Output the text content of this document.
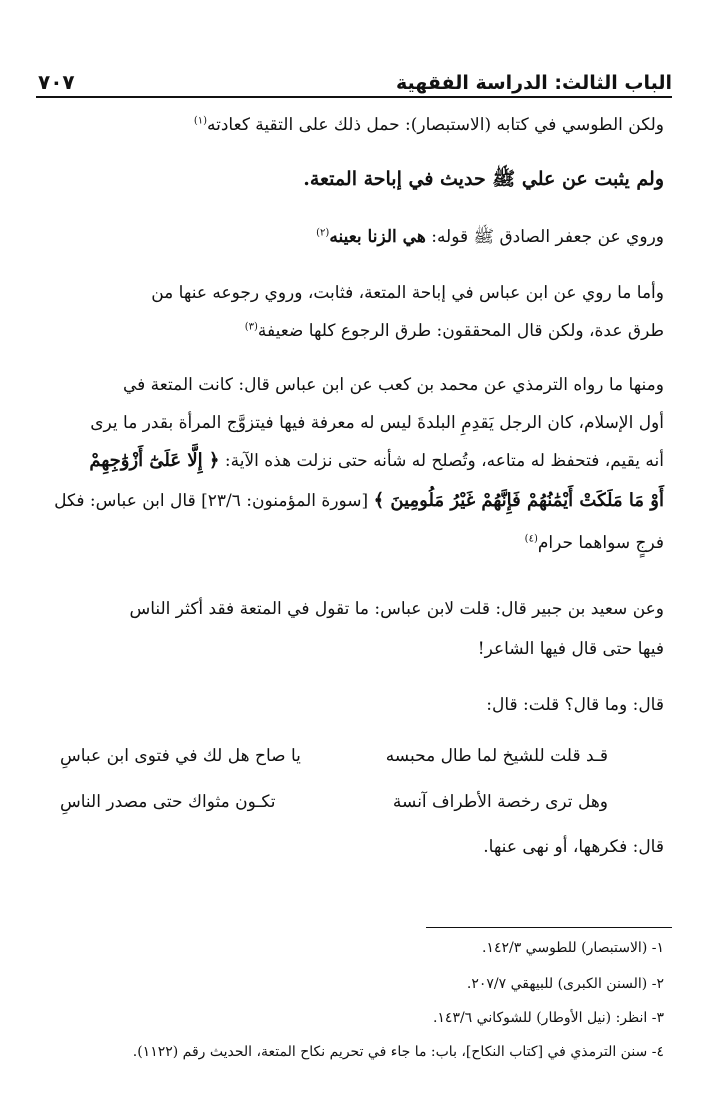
الباب الثالث: الدراسة الفقهية
٧٠٧

ولكن الطوسي في كتابه (الاستبصار): حمل ذلك على التقية كعادته$^{(١)}$

ولم يثبت عن علي ﷺ حديث في إباحة المتعة.

وروي عن جعفر الصادق ﷺ قوله: هي الزنا بعينه$^{(٢)}$

وأما ما روي عن ابن عباس في إباحة المتعة، فثابت، وروي رجوعه عنها من

طرق عدة، ولكن قال المحققون: طرق الرجوع كلها ضعيفة$^{(٣)}$

ومنها ما رواه الترمذي عن محمد بن كعب عن ابن عباس قال: كانت المتعة في

أول الإسلام، كان الرجل يَقدِمِ البلدةَ ليس له معرفة فيها فيتزوَّج المرأة بقدر ما يرى

أنه يقيم، فتحفظ له متاعه، وتُصلح له شأنه حتى نزلت هذه الآية: ﴿ إِلَّا عَلَىٰٓ أَزْوَٰجِهِمْ

أَوْ مَا مَلَكَتْ أَيْمَٰنُهُمْ فَإِنَّهُمْ غَيْرُ مَلُومِينَ ﴾ [سورة المؤمنون: ٢٣/٦] قال ابن عباس: فكل

فرجٍ سواهما حرام$^{(٤)}$

وعن سعيد بن جبير قال: قلت لابن عباس: ما تقول في المتعة فقد أكثر الناس

فيها حتى قال فيها الشاعر!

قال: وما قال؟ قلت: قال:

قـد قلت للشيخ لما طال محبسه
يا صاح هل لك في فتوى ابن عباسِ
وهل ترى رخصة الأطراف آنسة
تكـون مثواك حتى مصدر الناسِ

قال: فكرهها، أو نهى عنها.

١- (الاستبصار) للطوسي ١٤٢/٣.

٢- (السنن الكبرى) للبيهقي ٢٠٧/٧.

٣- انظر: (نيل الأوطار) للشوكاني ١٤٣/٦.

٤- سنن الترمذي في [كتاب النكاح]، باب: ما جاء في تحريم نكاح المتعة، الحديث رقم (١١٢٢).
